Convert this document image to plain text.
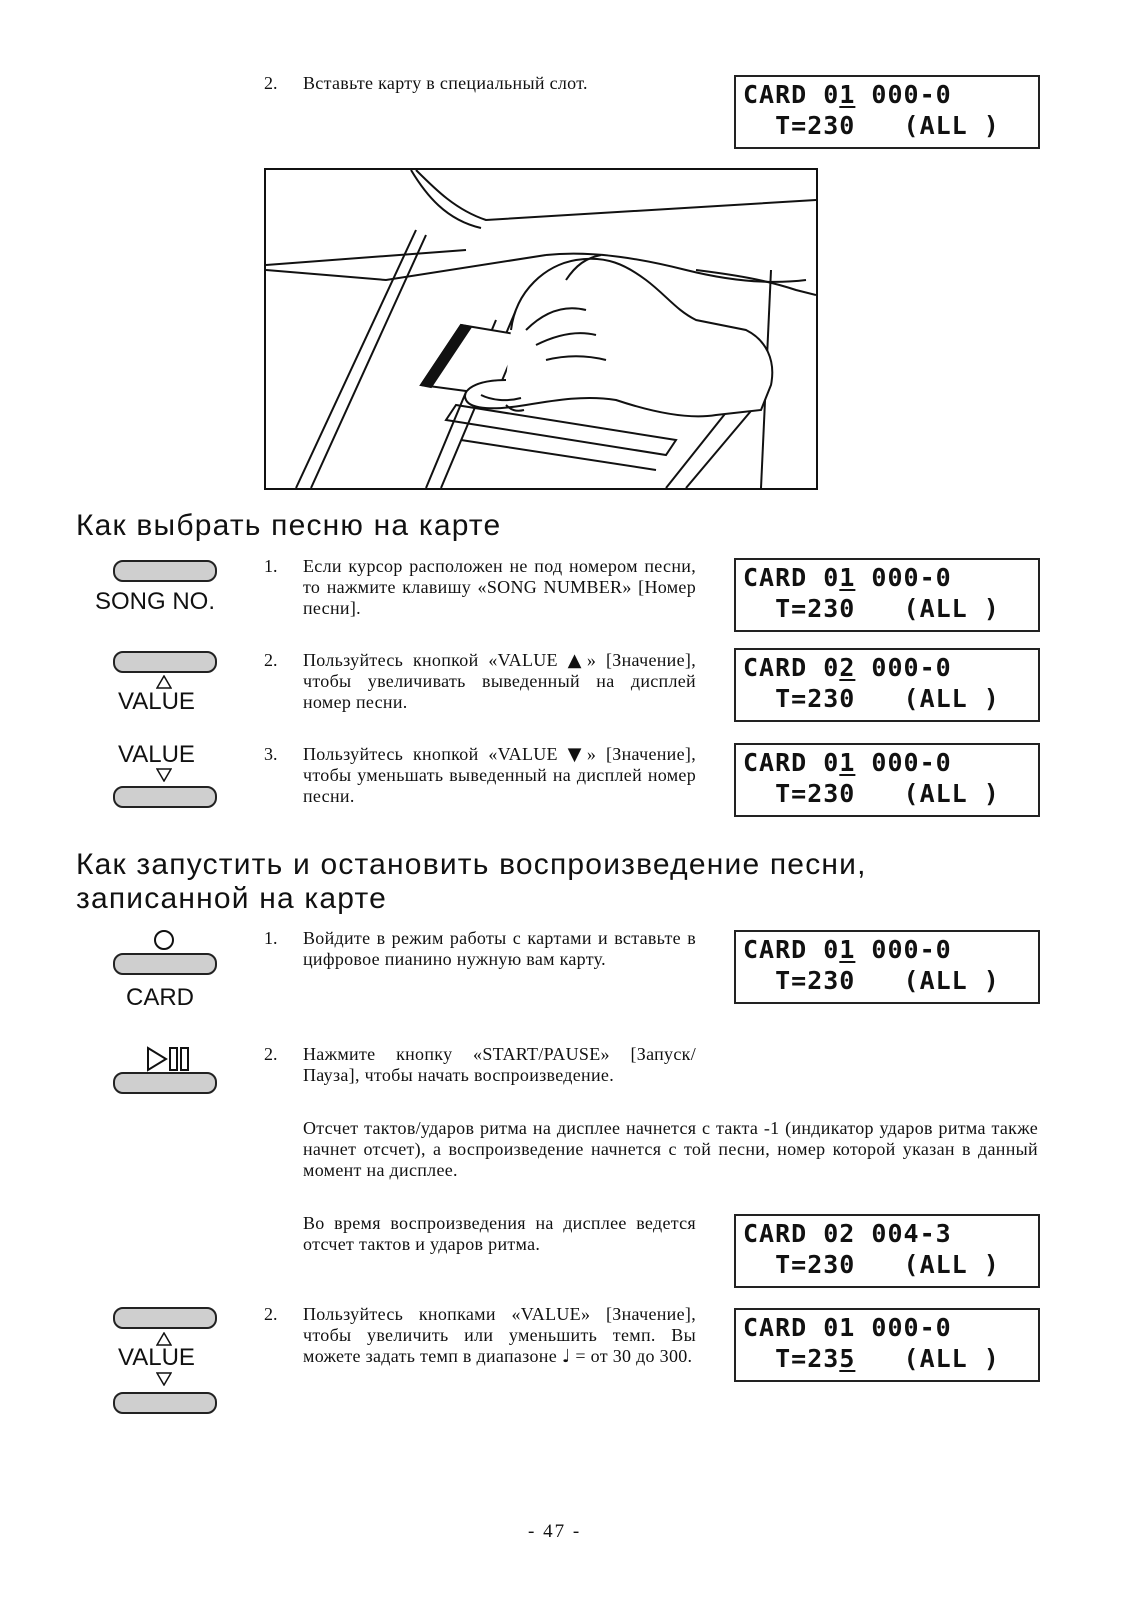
2. Вставьте карту в специальный слот.	CARD 01 000-0
T=230   (ALL )
Как выбрать песню на карте
SONG NO.
1. Если курсор расположен не под номером песни, то нажмите клавишу «SONG NUMBER» [Номер песни].
CARD 01 000-0
T=230   (ALL )
VALUE
2. Пользуйтесь кнопкой «VALUE ▲» [Значение], чтобы увеличивать выведенный на дисплей номер песни.
CARD 02 000-0
T=230   (ALL )
VALUE	3. Пользуйтесь кнопкой «VALUE ▼» [Значение], чтобы уменьшать выведенный на дисплей номер песни.
CARD 01 000-0
T=230   (ALL )
Как запустить и остановить воспроизведение песни,
записанной на карте
CARD
1. Войдите в режим работы с картами и вставьте в цифровое пианино нужную вам карту.	CARD 01 000-0
T=230   (ALL )
2. Нажмите кнопку «START/PAUSE» [Запуск/Пауза], чтобы начать воспроизведение.
Отсчет тактов/ударов ритма на дисплее начнется с такта -1 (индикатор ударов ритма также начнет отсчет), а воспроизведение начнется с той песни, номер которой указан в данный момент на дисплее.
Во время воспроизведения на дисплее ведется отсчет тактов и ударов ритма.	CARD 02 004-3
T=230   (ALL )
VALUE
2. Пользуйтесь кнопками «VALUE» [Значение], чтобы увеличить или уменьшить темп. Вы можете задать темп в диапазоне ♩ = от 30 до 300.
CARD 01 000-0
T=235   (ALL )
- 47 -
